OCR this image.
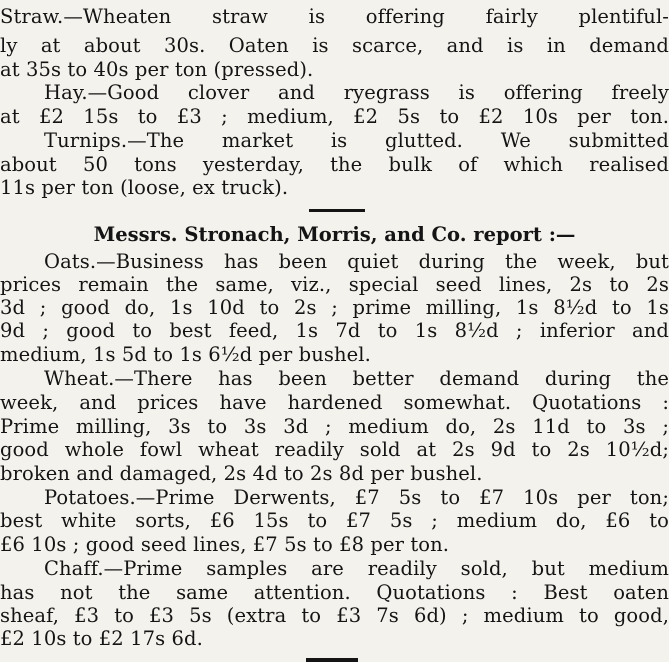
Straw.—Wheaten straw is offering fairly plentiful-
ly at about 30s. Oaten is scarce, and is in demand
at 35s to 40s per ton (pressed).
Hay.—Good clover and ryegrass is offering freely
at £2 15s to £3 ; medium, £2 5s to £2 10s per ton.
Turnips.—The market is glutted. We submitted
about 50 tons yesterday, the bulk of which realised
11s per ton (loose, ex truck).
Messrs. Stronach, Morris, and Co. report :—
Oats.—Business has been quiet during the week, but
prices remain the same, viz., special seed lines, 2s to 2s
3d ; good do, 1s 10d to 2s ; prime milling, 1s 8½d to 1s
9d ; good to best feed, 1s 7d to 1s 8½d ; inferior and
medium, 1s 5d to 1s 6½d per bushel.
Wheat.—There has been better demand during the
week, and prices have hardened somewhat. Quotations :
Prime milling, 3s to 3s 3d ; medium do, 2s 11d to 3s ;
good whole fowl wheat readily sold at 2s 9d to 2s 10½d;
broken and damaged, 2s 4d to 2s 8d per bushel.
Potatoes.—Prime Derwents, £7 5s to £7 10s per ton;
best white sorts, £6 15s to £7 5s ; medium do, £6 to
£6 10s ; good seed lines, £7 5s to £8 per ton.
Chaff.—Prime samples are readily sold, but medium
has not the same attention. Quotations : Best oaten
sheaf, £3 to £3 5s (extra to £3 7s 6d) ; medium to good,
£2 10s to £2 17s 6d.
